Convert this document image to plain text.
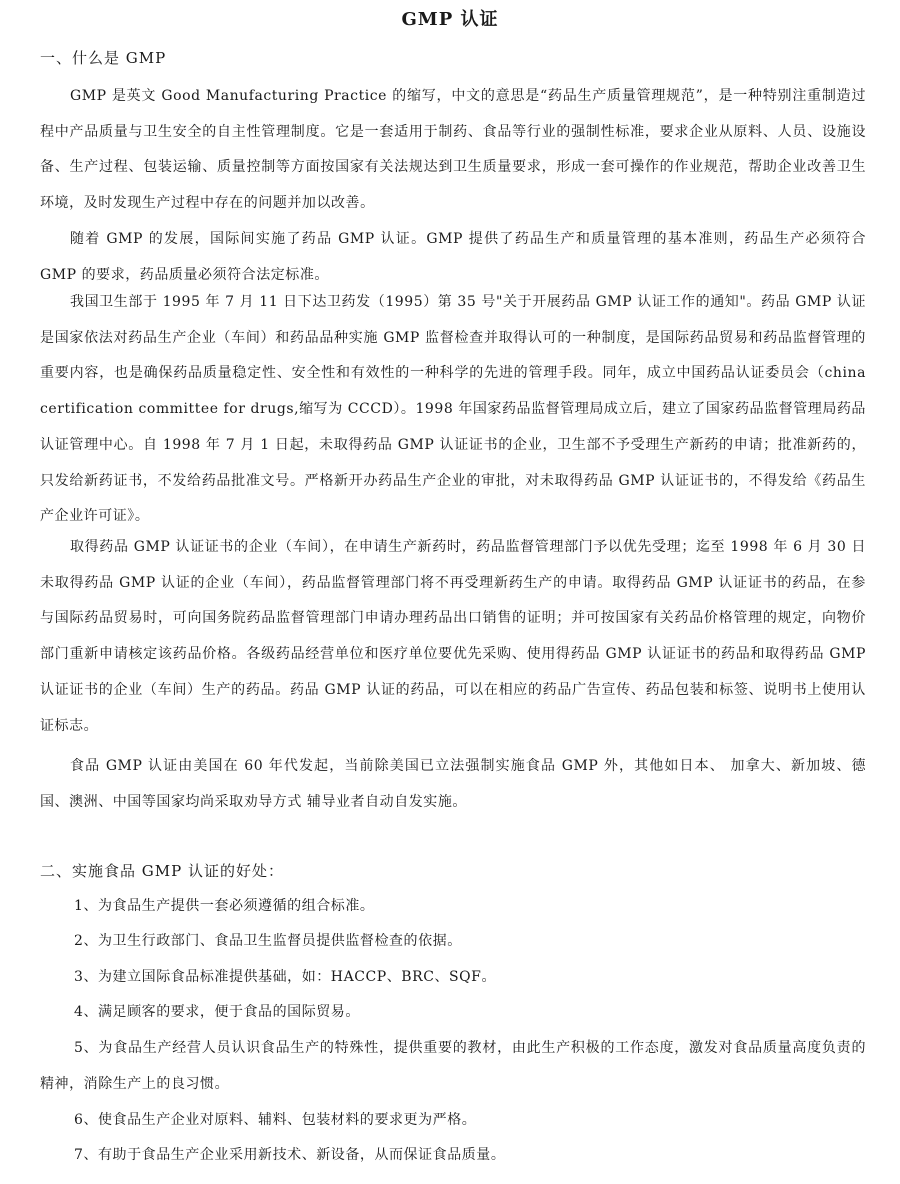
GMP 认证
一、什么是 GMP

GMP 是英文 Good Manufacturing Practice 的缩写，中文的意思是“药品生产质量管理规范”，是一种特别注重制造过程中产品质量与卫生安全的自主性管理制度。它是一套适用于制药、食品等行业的强制性标准，要求企业从原料、人员、设施设备、生产过程、包装运输、质量控制等方面按国家有关法规达到卫生质量要求，形成一套可操作的作业规范，帮助企业改善卫生环境，及时发现生产过程中存在的问题并加以改善。

随着 GMP 的发展，国际间实施了药品 GMP 认证。GMP 提供了药品生产和质量管理的基本准则，药品生产必须符合 GMP 的要求，药品质量必须符合法定标准。

我国卫生部于 1995 年 7 月 11 日下达卫药发（1995）第 35 号"关于开展药品 GMP 认证工作的通知"。药品 GMP 认证是国家依法对药品生产企业（车间）和药品品种实施 GMP 监督检查并取得认可的一种制度，是国际药品贸易和药品监督管理的重要内容，也是确保药品质量稳定性、安全性和有效性的一种科学的先进的管理手段。同年，成立中国药品认证委员会（china certification committee for drugs,缩写为 CCCD）。1998 年国家药品监督管理局成立后，建立了国家药品监督管理局药品认证管理中心。自 1998 年 7 月 1 日起，未取得药品 GMP 认证证书的企业，卫生部不予受理生产新药的申请；批准新药的，只发给新药证书，不发给药品批准文号。严格新开办药品生产企业的审批，对未取得药品 GMP 认证证书的，不得发给《药品生产企业许可证》。

取得药品 GMP 认证证书的企业（车间），在申请生产新药时，药品监督管理部门予以优先受理；迄至 1998 年 6 月 30 日未取得药品 GMP 认证的企业（车间），药品监督管理部门将不再受理新药生产的申请。取得药品 GMP 认证证书的药品，在参与国际药品贸易时，可向国务院药品监督管理部门申请办理药品出口销售的证明；并可按国家有关药品价格管理的规定，向物价部门重新申请核定该药品价格。各级药品经营单位和医疗单位要优先采购、使用得药品 GMP 认证证书的药品和取得药品 GMP 认证证书的企业（车间）生产的药品。药品 GMP 认证的药品，可以在相应的药品广告宣传、药品包装和标签、说明书上使用认证标志。

食品 GMP 认证由美国在 60 年代发起，当前除美国已立法强制实施食品 GMP 外，其他如日本、 加拿大、新加坡、德国、澳洲、中国等国家均尚采取劝导方式 辅导业者自动自发实施。

二、实施食品 GMP 认证的好处：

1、为食品生产提供一套必须遵循的组合标准。

2、为卫生行政部门、食品卫生监督员提供监督检查的依据。

3、为建立国际食品标准提供基础，如：HACCP、BRC、SQF。

4、满足顾客的要求，便于食品的国际贸易。

5、为食品生产经营人员认识食品生产的特殊性，提供重要的教材，由此生产积极的工作态度，激发对食品质量高度负责的精神，消除生产上的良习惯。

6、使食品生产企业对原料、辅料、包装材料的要求更为严格。

7、有助于食品生产企业采用新技术、新设备，从而保证食品质量。
